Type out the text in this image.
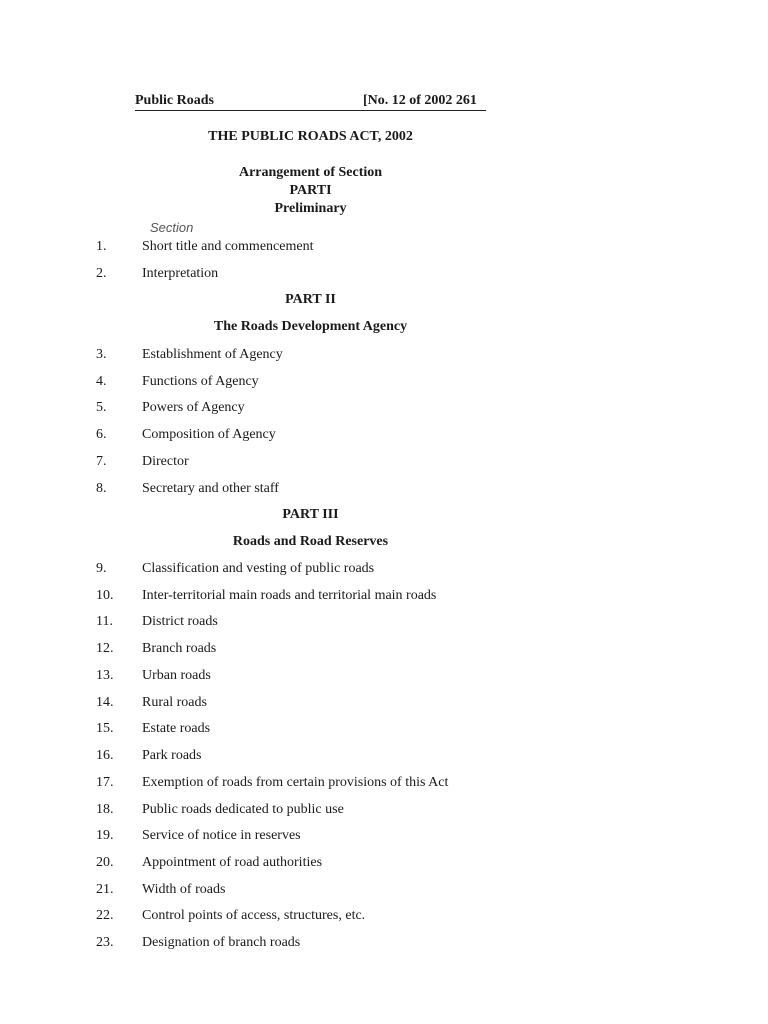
Public Roads	[No. 12 of 2002 261
THE PUBLIC ROADS ACT, 2002
Arrangement of Section
PARTI
Preliminary
Section
1.	Short title and commencement
2.	Interpretation
PART II
The Roads Development Agency
3.	Establishment of Agency
4.	Functions of Agency
5.	Powers of Agency
6.	Composition of Agency
7.	Director
8.	Secretary and other staff
PART III
Roads and Road Reserves
9.	Classification and vesting of public roads
10.	Inter-territorial main roads and territorial main roads
11.	District roads
12.	Branch roads
13.	Urban roads
14.	Rural roads
15.	Estate roads
16.	Park roads
17.	Exemption of roads from certain provisions of this Act
18.	Public roads dedicated to public use
19.	Service of notice in reserves
20.	Appointment of road authorities
21.	Width of roads
22.	Control points of access, structures, etc.
23.	Designation of branch roads
